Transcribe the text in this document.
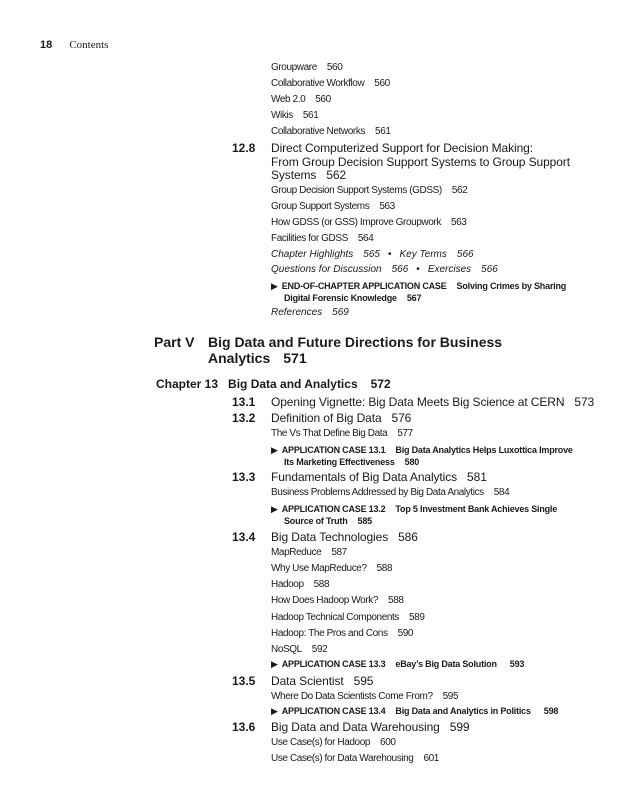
18 Contents
Groupware 560
Collaborative Workflow 560
Web 2.0 560
Wikis 561
Collaborative Networks 561
12.8 Direct Computerized Support for Decision Making:
From Group Decision Support Systems to Group Support
Systems 562
Group Decision Support Systems (GDSS) 562
Group Support Systems 563
How GDSS (or GSS) Improve Groupwork 563
Facilities for GDSS 564
Chapter Highlights 565 • Key Terms 566
Questions for Discussion 566 • Exercises 566
▶ END-OF-CHAPTER APPLICATION CASE Solving Crimes by Sharing
Digital Forensic Knowledge 567
References 569
Part V Big Data and Future Directions for Business
Analytics 571
Chapter 13 Big Data and Analytics 572
13.1 Opening Vignette: Big Data Meets Big Science at CERN 573
13.2 Definition of Big Data 576
The Vs That Define Big Data 577
▶ APPLICATION CASE 13.1 Big Data Analytics Helps Luxottica Improve
Its Marketing Effectiveness 580
13.3 Fundamentals of Big Data Analytics 581
Business Problems Addressed by Big Data Analytics 584
▶ APPLICATION CASE 13.2 Top 5 Investment Bank Achieves Single
Source of Truth 585
13.4 Big Data Technologies 586
MapReduce 587
Why Use MapReduce? 588
Hadoop 588
How Does Hadoop Work? 588
Hadoop Technical Components 589
Hadoop: The Pros and Cons 590
NoSQL 592
▶ APPLICATION CASE 13.3 eBay’s Big Data Solution 593
13.5 Data Scientist 595
Where Do Data Scientists Come From? 595
▶ APPLICATION CASE 13.4 Big Data and Analytics in Politics 598
13.6 Big Data and Data Warehousing 599
Use Case(s) for Hadoop 600
Use Case(s) for Data Warehousing 601
